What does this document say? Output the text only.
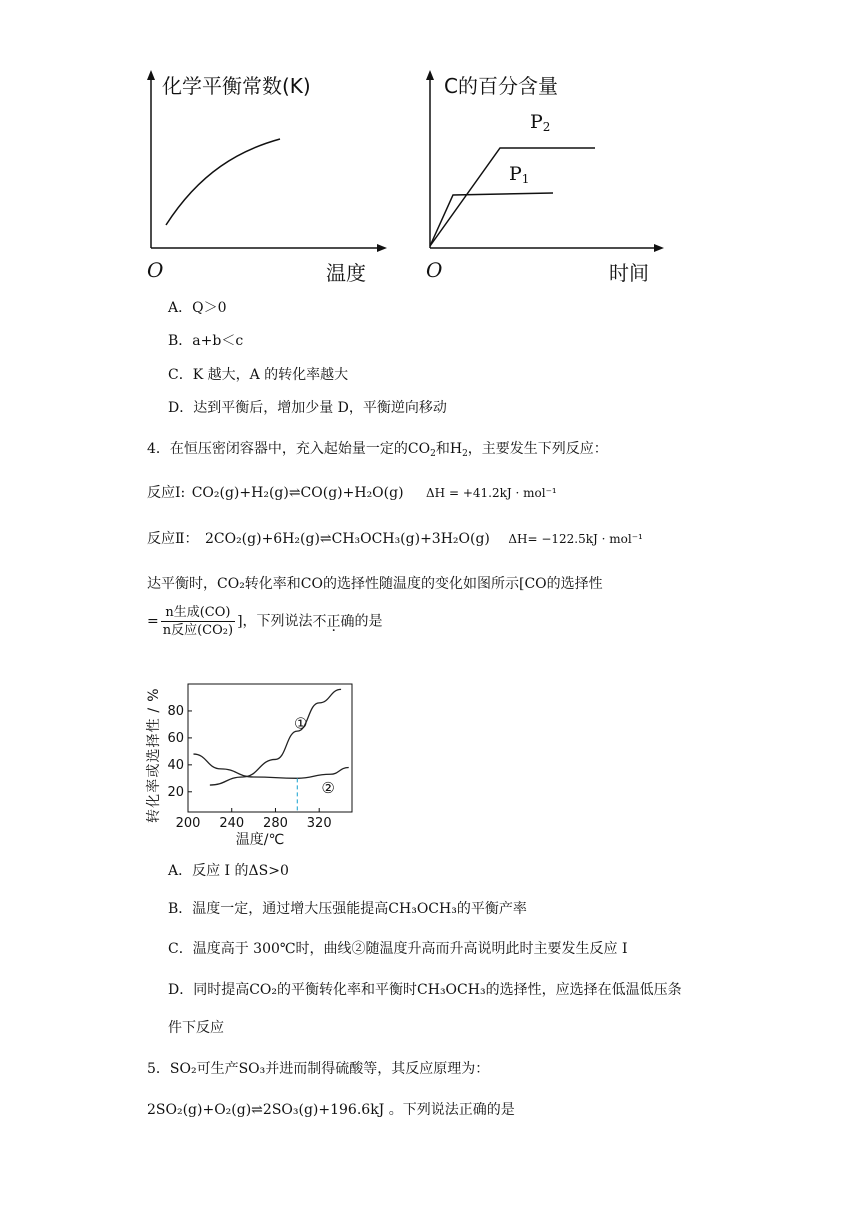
化学平衡常数(K)
O	温度
C的百分含量
O	时间
$P_2$
$P_1$
A．Q＞0
B．a+b＜c
C．K 越大，A 的转化率越大
D．达到平衡后，增加少量 D，平衡逆向移动
4．在恒压密闭容器中，充入起始量一定的$CO_2$和$H_2$，主要发生下列反应：
反应Ⅰ: CO₂(g)+H₂(g)⇌CO(g)+H₂O(g) ΔH = +41.2kJ · mol⁻¹
反应Ⅱ： 2CO₂(g)+6H₂(g)⇌CH₃OCH₃(g)+3H₂O(g) ΔH= −122.5kJ · mol⁻¹
达平衡时，CO₂转化率和CO的选择性随温度的变化如图所示[CO的选择性
= $\frac{\text{n生成(CO)}}{\text{n反应(CO₂)}}$ ]，下列说法不正确的是
200 240 280 320
20
40
60
80
①
②
温度/℃
转
化
率
或
选
择
性
/
%
A．反应 I 的ΔS>0
B．温度一定，通过增大压强能提高CH₃OCH₃的平衡产率
C．温度高于 300℃时，曲线②随温度升高而升高说明此时主要发生反应 I
D．同时提高CO₂的平衡转化率和平衡时CH₃OCH₃的选择性，应选择在低温低压条
件下反应
5．SO₂可生产SO₃并进而制得硫酸等，其反应原理为：
2SO₂(g)+O₂(g)⇌2SO₃(g)+196.6kJ 。下列说法正确的是
